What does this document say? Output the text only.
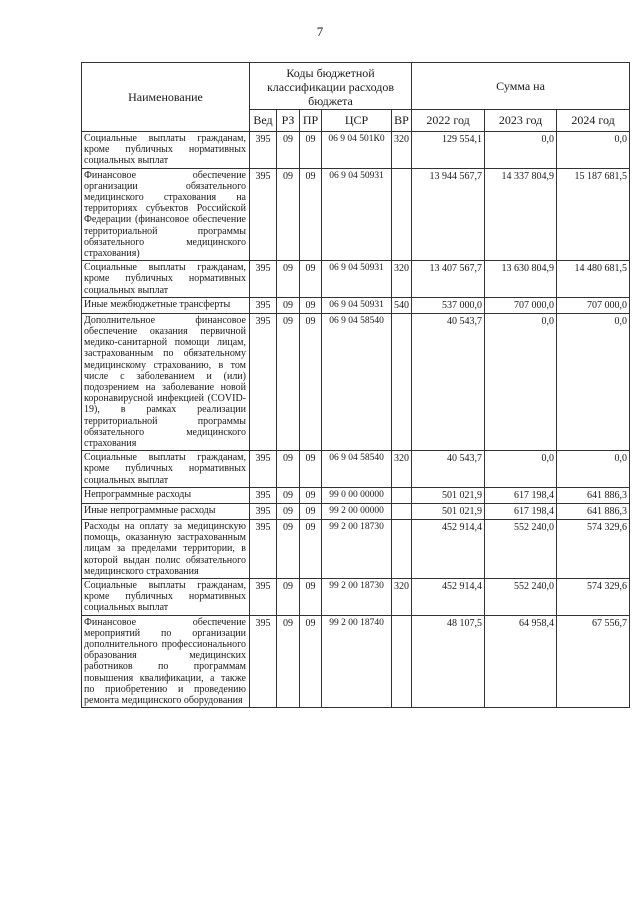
7
Наименование	Коды бюджетной классификации расходов бюджета					Сумма на		
	Вед	РЗ	ПР	ЦСР	ВР	2022 год	2023 год	2024 год
Социальные выплаты гражданам, кроме публичных нормативных социальных выплат	395	09	09	06 9 04 501К0	320	129 554,1	0,0	0,0
Финансовое обеспечение организации обязательного медицинского страхования на территориях субъектов Российской Федерации (финансовое обеспечение территориальной программы обязательного медицинского страхования)	395	09	09	06 9 04 50931		13 944 567,7	14 337 804,9	15 187 681,5
Социальные выплаты гражданам, кроме публичных нормативных социальных выплат	395	09	09	06 9 04 50931	320	13 407 567,7	13 630 804,9	14 480 681,5
Иные межбюджетные трансферты	395	09	09	06 9 04 50931	540	537 000,0	707 000,0	707 000,0
Дополнительное финансовое обеспечение оказания первичной медико-санитарной помощи лицам, застрахованным по обязательному медицинскому страхованию, в том числе с заболеванием и (или) подозрением на заболевание новой коронавирусной инфекцией (COVID-19), в рамках реализации территориальной программы обязательного медицинского страхования	395	09	09	06 9 04 58540		40 543,7	0,0	0,0
Социальные выплаты гражданам, кроме публичных нормативных социальных выплат	395	09	09	06 9 04 58540	320	40 543,7	0,0	0,0
Непрограммные расходы	395	09	09	99 0 00 00000		501 021,9	617 198,4	641 886,3
Иные непрограммные расходы	395	09	09	99 2 00 00000		501 021,9	617 198,4	641 886,3
Расходы на оплату за медицинскую помощь, оказанную застрахованным лицам за пределами территории, в которой выдан полис обязательного медицинского страхования	395	09	09	99 2 00 18730		452 914,4	552 240,0	574 329,6
Социальные выплаты гражданам, кроме публичных нормативных социальных выплат	395	09	09	99 2 00 18730	320	452 914,4	552 240,0	574 329,6
Финансовое обеспечение мероприятий по организации дополнительного профессионального образования медицинских работников по программам повышения квалификации, а также по приобретению и проведению ремонта медицинского оборудования	395	09	09	99 2 00 18740		48 107,5	64 958,4	67 556,7
